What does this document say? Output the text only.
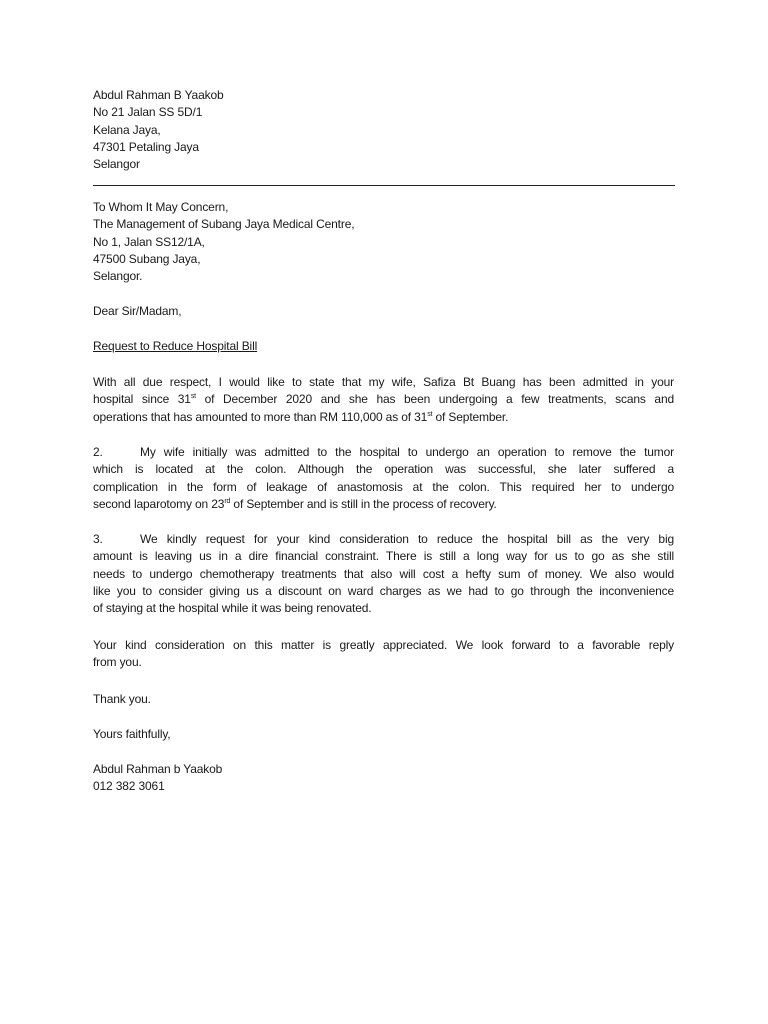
Abdul Rahman B Yaakob
No 21 Jalan SS 5D/1
Kelana Jaya,
47301 Petaling Jaya
Selangor
To Whom It May Concern,
The Management of Subang Jaya Medical Centre,
No 1, Jalan SS12/1A,
47500 Subang Jaya,
Selangor.
Dear Sir/Madam,
Request to Reduce Hospital Bill
With all due respect, I would like to state that my wife, Safiza Bt Buang has been admitted in your
hospital since 31st of December 2020 and she has been undergoing a few treatments, scans and
operations that has amounted to more than RM 110,000 as of 31st of September.
2.	My wife initially was admitted to the hospital to undergo an operation to remove the tumor
which is located at the colon. Although the operation was successful, she later suffered a
complication in the form of leakage of anastomosis at the colon. This required her to undergo
second laparotomy on 23rd of September and is still in the process of recovery.
3.	We kindly request for your kind consideration to reduce the hospital bill as the very big
amount is leaving us in a dire financial constraint. There is still a long way for us to go as she still
needs to undergo chemotherapy treatments that also will cost a hefty sum of money. We also would
like you to consider giving us a discount on ward charges as we had to go through the inconvenience
of staying at the hospital while it was being renovated.
Your kind consideration on this matter is greatly appreciated. We look forward to a favorable reply
from you.
Thank you.
Yours faithfully,
Abdul Rahman b Yaakob
012 382 3061
